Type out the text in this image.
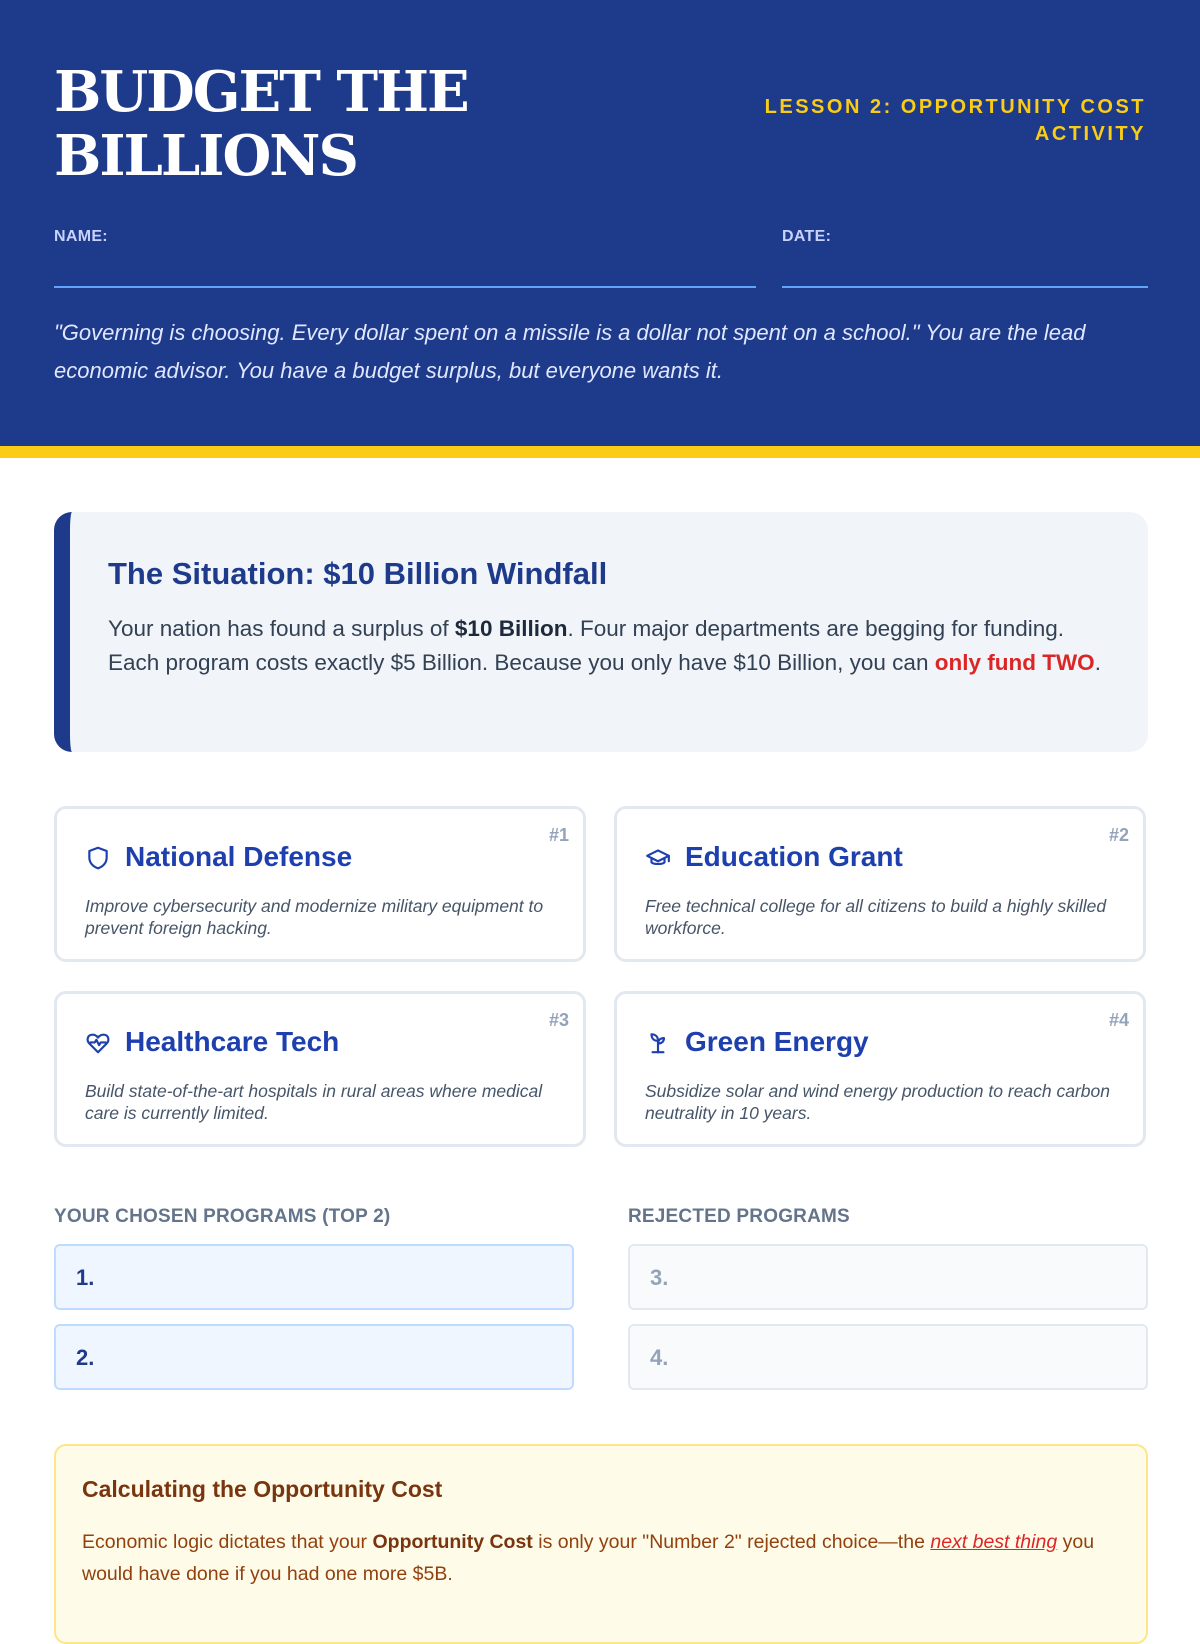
BUDGET THE
BILLIONS
LESSON 2: OPPORTUNITY COST
ACTIVITY
NAME:	DATE:
"Governing is choosing. Every dollar spent on a missile is a dollar not spent on a school." You are the lead economic advisor. You have a budget surplus, but everyone wants it.
The Situation: $10 Billion Windfall

Your nation has found a surplus of $10 Billion. Four major departments are begging for funding. Each program costs exactly $5 Billion. Because you only have $10 Billion, you can only fund TWO.

#1
National Defense

Improve cybersecurity and modernize military equipment to prevent foreign hacking.

#2
Education Grant

Free technical college for all citizens to build a highly skilled workforce.

#3
Healthcare Tech

Build state-of-the-art hospitals in rural areas where medical care is currently limited.

#4
Green Energy

Subsidize solar and wind energy production to reach carbon neutrality in 10 years.

YOUR CHOSEN PROGRAMS (TOP 2)
1.
2.
REJECTED PROGRAMS
3.
4.
Calculating the Opportunity Cost

Economic logic dictates that your Opportunity Cost is only your "Number 2" rejected choice—the next best thing you would have done if you had one more $5B.
